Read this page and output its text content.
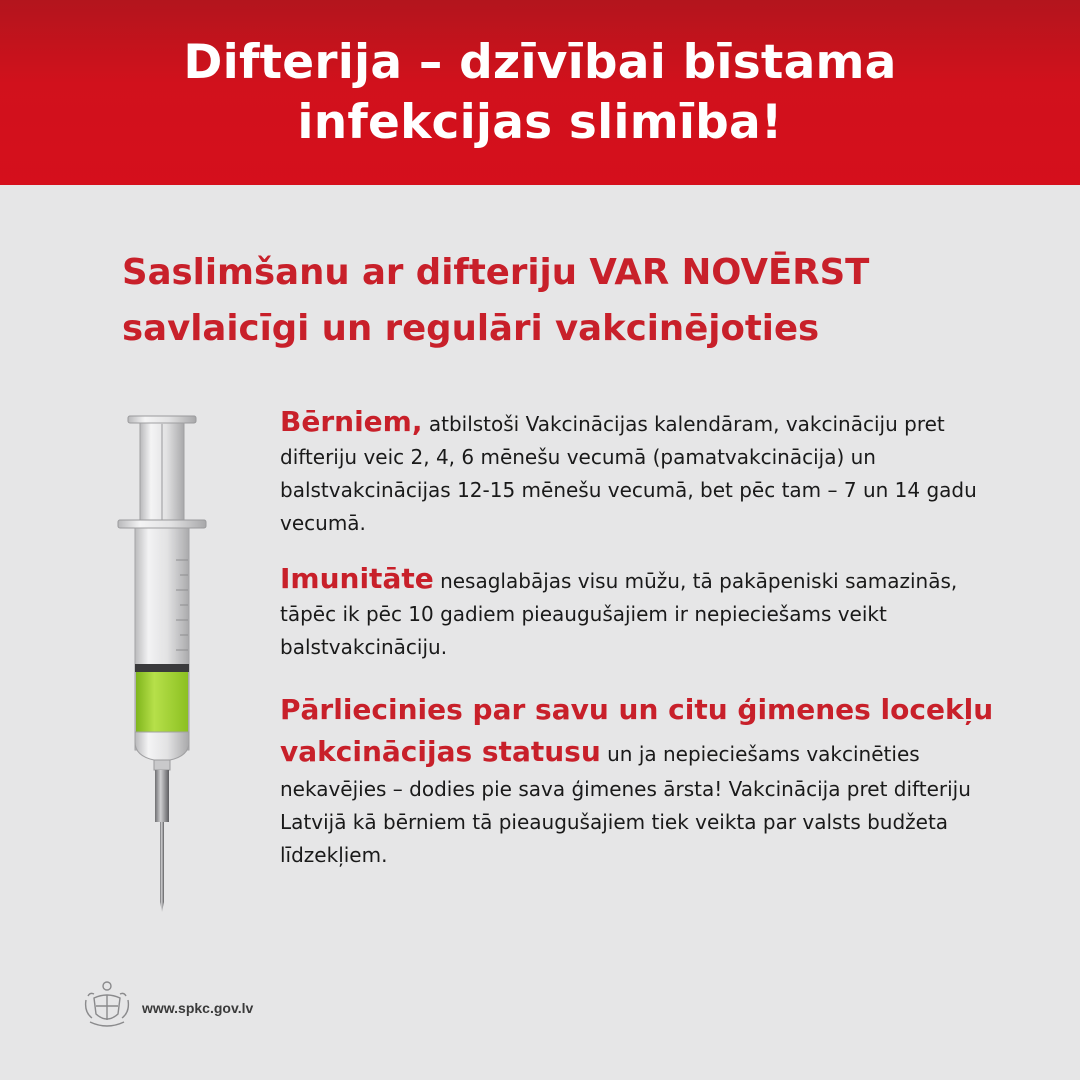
Difterija – dzīvībai bīstama
infekcijas slimība!
Saslimšanu ar difteriju VAR NOVĒRST
savlaicīgi un regulāri vakcinējoties

Bērniem, atbilstoši Vakcinācijas kalendāram, vakcināciju pret difteriju veic 2, 4, 6 mēnešu vecumā (pamatvakcinācija) un balstvakcinācijas 12-15 mēnešu vecumā, bet pēc tam – 7 un 14 gadu vecumā.

Imunitāte nesaglabājas visu mūžu, tā pakāpeniski samazinās, tāpēc ik pēc 10 gadiem pieaugušajiem ir nepieciešams veikt balstvakcināciju.

Pārliecinies par savu un citu ģimenes locekļu vakcinācijas statusu un ja nepieciešams vakcinēties nekavējies – dodies pie sava ģimenes ārsta! Vakcinācija pret difteriju Latvijā kā bērniem tā pieaugušajiem tiek veikta par valsts budžeta līdzekļiem.

www.spkc.gov.lv
